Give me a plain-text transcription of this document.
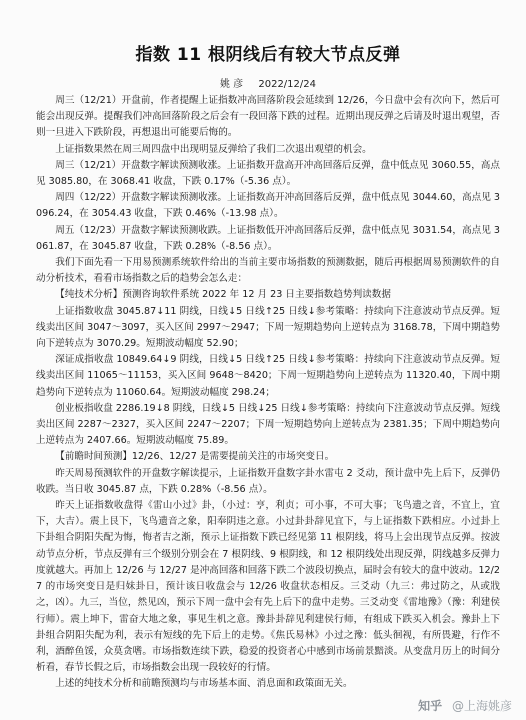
指数 11 根阴线后有较大节点反弹
姚 彦 2022/12/24

周三（12/21）开盘前，作者提醒上证指数冲高回落阶段会延续到 12/26，今日盘中会有次向下，然后可能会出现反弹。提醒我们冲高回落阶段之后会有一段回落下跌的过程。近期出现反弹之后请及时退出观望，否则一旦进入下跌阶段，再想退出可能要后悔的。

上证指数果然在周三周四盘中出现明显反弹给了我们二次退出观望的机会。

周三（12/21）开盘数字解读预测收涨。上证指数开盘高开冲高回落后反弹，盘中低点见 3060.55，高点见 3085.80，在 3068.41 收盘，下跌 0.17%（-5.36 点）。

周四（12/22）开盘数字解读预测收涨。上证指数高开冲高回落后反弹，盘中低点见 3044.60，高点见 3096.24，在 3054.43 收盘，下跌 0.46%（-13.98 点）。

周五（12/23）开盘数字解读预测收跌。上证指数低开冲高回落后反弹，盘中低点见 3031.54，高点见 3061.87，在 3045.87 收盘，下跌 0.28%（-8.56 点）。

我们下面先看一下用易预测系统软件给出的当前主要市场指数的预测数据，随后再根据周易预测软件的自动分析技术，看看市场指数之后的趋势会怎么走：

【纯技术分析】预测咨询软件系统 2022 年 12 月 23 日主要指数趋势判读数据

上证指数收盘 3045.87↓11 阴线，日线↓5 日线↑25 日线↓参考策略：持续向下注意波动节点反弹。短线卖出区间 3047～3097，买入区间 2997～2947；下周一短期趋势向上逆转点为 3168.78，下周中期趋势向下逆转点为 3070.29。短期波动幅度 52.90；

深证成指收盘 10849.64↓9 阴线，日线↓5 日线↑25 日线↓参考策略：持续向下注意波动节点反弹。短线卖出区间 11065～11153，买入区间 9648～8420；下周一短期趋势向上逆转点为 11320.40，下周中期趋势向下逆转点为 11060.64。短期波动幅度 298.24；

创业板指收盘 2286.19↓8 阴线，日线↓5 日线↓25 日线↓参考策略：持续向下注意波动节点反弹。短线卖出区间 2287～2327，买入区间 2247～2207；下周一短期趋势向上逆转点为 2381.35；下周中期趋势向上逆转点为 2407.66。短期波动幅度 75.89。

【前瞻时间预测】12/26、12/27 是需要提前关注的市场突变日。

昨天周易预测软件的开盘数字解读提示，上证指数开盘数字卦水雷屯 2 爻动，预计盘中先上后下，反弹仍收跌。当日收 3045.87 点，下跌 0.28%（-8.56 点）。

昨天上证指数收盘得《雷山小过》卦，（小过：亨，利贞；可小事，不可大事；飞鸟遗之音，不宜上，宜下，大吉）。震上艮下，飞鸟遗音之象，阳奉阴违之意。小过卦卦辞见宜下，与上证指数下跌相应。小过卦上下卦组合阴阳失配为悔，悔者吉之渐，预示上证指数下跌已经见第 11 根阴线，将马上会出现节点反弹。按波动节点分析，节点反弹有三个级别分别会在 7 根阴线、9 根阴线，和 12 根阴线处出现反弹，阴线越多反弹力度就越大。再加上 12/26 与 12/27 是冲高回落和回落下跌二个波段切换点，届时会有较大的盘中波动。12/27 的市场突变日是归妹卦日，预计该日收盘会与 12/26 收盘状态相反。三爻动（九三：弗过防之，从或戕之，凶）。九三，当位，然见凶，预示下周一盘中会有先上后下的盘中走势。三爻动变《雷地豫》（豫：利建侯行师）。震上坤下，雷奋大地之象，事见生机之意。豫卦卦辞见利建侯行师，有组成下跌买入机会。豫卦上下卦组合阴阳失配为利，表示有短线的先下后上的走势。《焦氏易林》小过之豫：低头徊视，有所畏避，行作不利，酒醉鱼馁，众莫贪嗜。市场指数连续下跌，稳爱的投资者心中感到市场前景黯淡。从变盘月历上的时间分析看，春节长假之后，市场指数会出现一段较好的行情。

上述的纯技术分析和前瞻预测均与市场基本面、消息面和政策面无关。

知乎 @上海姚彦
